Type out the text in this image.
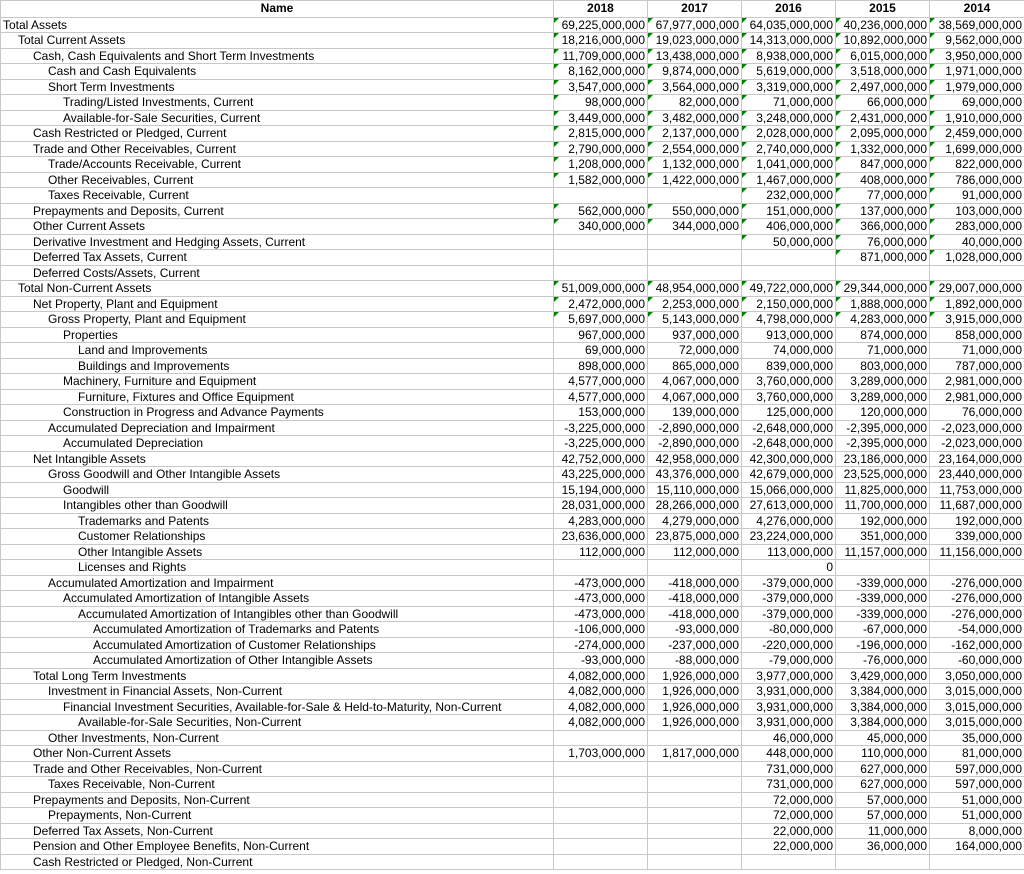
Name	2018	2017	2016	2015	2014
Total Assets	69,225,000,000	67,977,000,000	64,035,000,000	40,236,000,000	38,569,000,000
Total Current Assets	18,216,000,000	19,023,000,000	14,313,000,000	10,892,000,000	9,562,000,000
Cash, Cash Equivalents and Short Term Investments	11,709,000,000	13,438,000,000	8,938,000,000	6,015,000,000	3,950,000,000
Cash and Cash Equivalents	8,162,000,000	9,874,000,000	5,619,000,000	3,518,000,000	1,971,000,000
Short Term Investments	3,547,000,000	3,564,000,000	3,319,000,000	2,497,000,000	1,979,000,000
Trading/Listed Investments, Current	98,000,000	82,000,000	71,000,000	66,000,000	69,000,000
Available-for-Sale Securities, Current	3,449,000,000	3,482,000,000	3,248,000,000	2,431,000,000	1,910,000,000
Cash Restricted or Pledged, Current	2,815,000,000	2,137,000,000	2,028,000,000	2,095,000,000	2,459,000,000
Trade and Other Receivables, Current	2,790,000,000	2,554,000,000	2,740,000,000	1,332,000,000	1,699,000,000
Trade/Accounts Receivable, Current	1,208,000,000	1,132,000,000	1,041,000,000	847,000,000	822,000,000
Other Receivables, Current	1,582,000,000	1,422,000,000	1,467,000,000	408,000,000	786,000,000
Taxes Receivable, Current			232,000,000	77,000,000	91,000,000
Prepayments and Deposits, Current	562,000,000	550,000,000	151,000,000	137,000,000	103,000,000
Other Current Assets	340,000,000	344,000,000	406,000,000	366,000,000	283,000,000
Derivative Investment and Hedging Assets, Current			50,000,000	76,000,000	40,000,000
Deferred Tax Assets, Current				871,000,000	1,028,000,000
Deferred Costs/Assets, Current					
Total Non-Current Assets	51,009,000,000	48,954,000,000	49,722,000,000	29,344,000,000	29,007,000,000
Net Property, Plant and Equipment	2,472,000,000	2,253,000,000	2,150,000,000	1,888,000,000	1,892,000,000
Gross Property, Plant and Equipment	5,697,000,000	5,143,000,000	4,798,000,000	4,283,000,000	3,915,000,000
Properties	967,000,000	937,000,000	913,000,000	874,000,000	858,000,000
Land and Improvements	69,000,000	72,000,000	74,000,000	71,000,000	71,000,000
Buildings and Improvements	898,000,000	865,000,000	839,000,000	803,000,000	787,000,000
Machinery, Furniture and Equipment	4,577,000,000	4,067,000,000	3,760,000,000	3,289,000,000	2,981,000,000
Furniture, Fixtures and Office Equipment	4,577,000,000	4,067,000,000	3,760,000,000	3,289,000,000	2,981,000,000
Construction in Progress and Advance Payments	153,000,000	139,000,000	125,000,000	120,000,000	76,000,000
Accumulated Depreciation and Impairment	-3,225,000,000	-2,890,000,000	-2,648,000,000	-2,395,000,000	-2,023,000,000
Accumulated Depreciation	-3,225,000,000	-2,890,000,000	-2,648,000,000	-2,395,000,000	-2,023,000,000
Net Intangible Assets	42,752,000,000	42,958,000,000	42,300,000,000	23,186,000,000	23,164,000,000
Gross Goodwill and Other Intangible Assets	43,225,000,000	43,376,000,000	42,679,000,000	23,525,000,000	23,440,000,000
Goodwill	15,194,000,000	15,110,000,000	15,066,000,000	11,825,000,000	11,753,000,000
Intangibles other than Goodwill	28,031,000,000	28,266,000,000	27,613,000,000	11,700,000,000	11,687,000,000
Trademarks and Patents	4,283,000,000	4,279,000,000	4,276,000,000	192,000,000	192,000,000
Customer Relationships	23,636,000,000	23,875,000,000	23,224,000,000	351,000,000	339,000,000
Other Intangible Assets	112,000,000	112,000,000	113,000,000	11,157,000,000	11,156,000,000
Licenses and Rights			0		
Accumulated Amortization and Impairment	-473,000,000	-418,000,000	-379,000,000	-339,000,000	-276,000,000
Accumulated Amortization of Intangible Assets	-473,000,000	-418,000,000	-379,000,000	-339,000,000	-276,000,000
Accumulated Amortization of Intangibles other than Goodwill	-473,000,000	-418,000,000	-379,000,000	-339,000,000	-276,000,000
Accumulated Amortization of Trademarks and Patents	-106,000,000	-93,000,000	-80,000,000	-67,000,000	-54,000,000
Accumulated Amortization of Customer Relationships	-274,000,000	-237,000,000	-220,000,000	-196,000,000	-162,000,000
Accumulated Amortization of Other Intangible Assets	-93,000,000	-88,000,000	-79,000,000	-76,000,000	-60,000,000
Total Long Term Investments	4,082,000,000	1,926,000,000	3,977,000,000	3,429,000,000	3,050,000,000
Investment in Financial Assets, Non-Current	4,082,000,000	1,926,000,000	3,931,000,000	3,384,000,000	3,015,000,000
Financial Investment Securities, Available-for-Sale & Held-to-Maturity, Non-Current	4,082,000,000	1,926,000,000	3,931,000,000	3,384,000,000	3,015,000,000
Available-for-Sale Securities, Non-Current	4,082,000,000	1,926,000,000	3,931,000,000	3,384,000,000	3,015,000,000
Other Investments, Non-Current			46,000,000	45,000,000	35,000,000
Other Non-Current Assets	1,703,000,000	1,817,000,000	448,000,000	110,000,000	81,000,000
Trade and Other Receivables, Non-Current			731,000,000	627,000,000	597,000,000
Taxes Receivable, Non-Current			731,000,000	627,000,000	597,000,000
Prepayments and Deposits, Non-Current			72,000,000	57,000,000	51,000,000
Prepayments, Non-Current			72,000,000	57,000,000	51,000,000
Deferred Tax Assets, Non-Current			22,000,000	11,000,000	8,000,000
Pension and Other Employee Benefits, Non-Current			22,000,000	36,000,000	164,000,000
Cash Restricted or Pledged, Non-Current					
